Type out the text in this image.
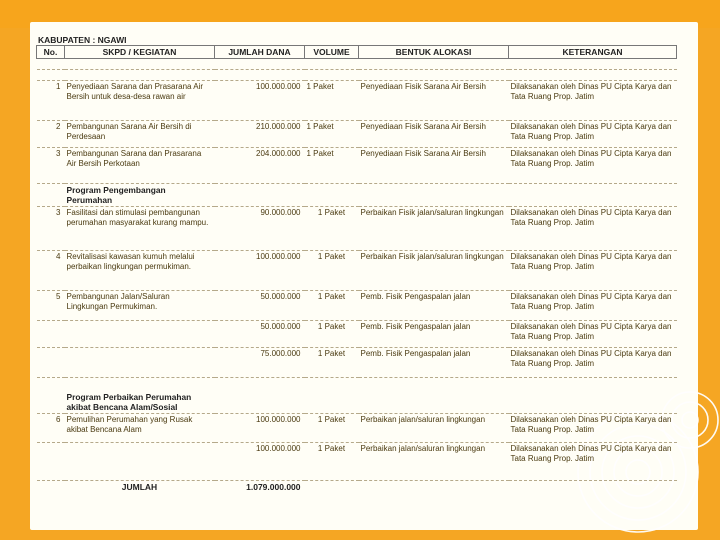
KABUPATEN : NGAWI
No.	SKPD / KEGIATAN	JUMLAH DANA	VOLUME	BENTUK ALOKASI	KETERANGAN

1	Penyediaan Sarana dan Prasarana Air Bersih untuk desa-desa rawan air	100.000.000	1 Paket	Penyediaan Fisik Sarana Air Bersih	Dilaksanakan oleh Dinas PU Cipta Karya dan Tata Ruang Prop. Jatim
2	Pembangunan Sarana Air Bersih di Perdesaan	210.000.000	1 Paket	Penyediaan Fisik Sarana Air Bersih	Dilaksanakan oleh Dinas PU Cipta Karya dan Tata Ruang Prop. Jatim
3	Pembangunan Sarana dan Prasarana Air Bersih Perkotaan	204.000.000	1 Paket	Penyediaan Fisik Sarana Air Bersih	Dilaksanakan oleh Dinas PU Cipta Karya dan Tata Ruang Prop. Jatim
	Program Pengembangan Perumahan				
3	Fasilitasi dan stimulasi pembangunan perumahan masyarakat kurang mampu.	90.000.000	1 Paket	Perbaikan Fisik jalan/saluran lingkungan	Dilaksanakan oleh Dinas PU Cipta Karya dan Tata Ruang Prop. Jatim
4	Revitalisasi kawasan kumuh melalui perbaikan lingkungan permukiman.	100.000.000	1 Paket	Perbaikan Fisik jalan/saluran lingkungan	Dilaksanakan oleh Dinas PU Cipta Karya dan Tata Ruang Prop. Jatim
5	Pembangunan Jalan/Saluran Lingkungan Permukiman.	50.000.000	1 Paket	Pemb. Fisik Pengaspalan jalan	Dilaksanakan oleh Dinas PU Cipta Karya dan Tata Ruang Prop. Jatim
		50.000.000	1 Paket	Pemb. Fisik Pengaspalan jalan	Dilaksanakan oleh Dinas PU Cipta Karya dan Tata Ruang Prop. Jatim
		75.000.000	1 Paket	Pemb. Fisik Pengaspalan jalan	Dilaksanakan oleh Dinas PU Cipta Karya dan Tata Ruang Prop. Jatim
	Program Perbaikan Perumahan akibat Bencana Alam/Sosial				
6	Pemulihan Perumahan yang Rusak akibat Bencana Alam	100.000.000	1 Paket	Perbaikan jalan/saluran lingkungan	Dilaksanakan oleh Dinas PU Cipta Karya dan Tata Ruang Prop. Jatim
		100.000.000	1 Paket	Perbaikan jalan/saluran lingkungan	Dilaksanakan oleh Dinas PU Cipta Karya dan Tata Ruang Prop. Jatim
	JUMLAH	1.079.000.000			
